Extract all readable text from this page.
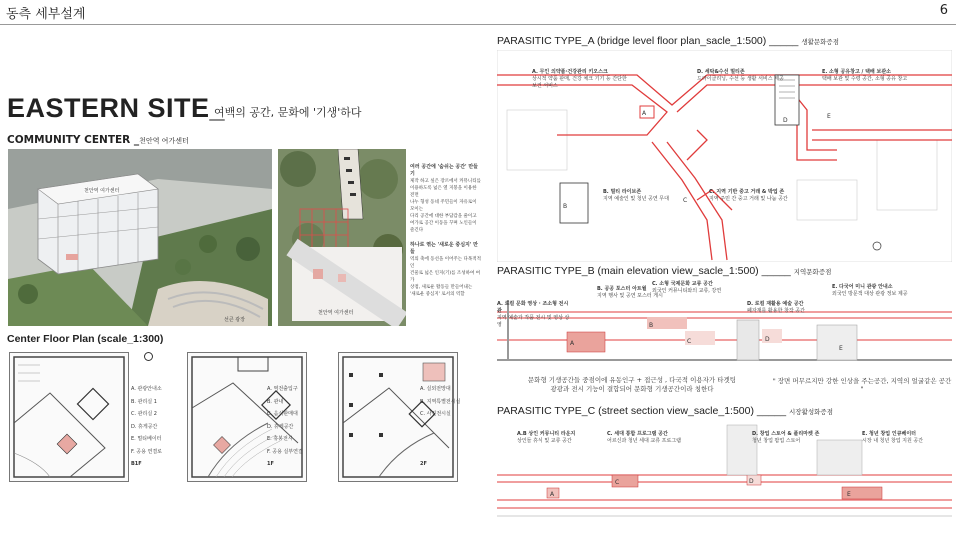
동측 세부설계	6
EASTERN SITE_
여백의 공간, 문화에 '기생'하다
COMMUNITY CENTER _천안역 여가센터
천안역 여가센터
선큰 광장
천안역 여가센터
여러 공간에 '숨쉬는 공간' 만들기
제작 하고 싶은 장르에서 커뮤니티를
이용하도록 넓은 열 지붕을 이용한 전면
나누 형성 동네 주민들이 자유로이 모이는
다리 공간에 대한 부담감을 줄이고
여가로 공간 이동을 꾸며 노인들이 즐긴다
하나로 엮는 '새로운 중심지' 만들
역의 축에 동선을 이어주는 다목적적인
건물로 넓은 인지(기)를 조성하여 여가
상점, 새로운 활동들 만들어내는
'새로운 중심지' 로서의 역할
Center Floor Plan (scale_1:300)
A. 관광안내소
B. 관리실 1
C. 관리실 2
D. 휴게공간
E. 멀티베이터
F. 공용 연결로
B1F
A. 역전출입구
B. 관내
C. 음식판매대
D. 휴게공간
E. 휴봉전시
F. 공용 실부연결
1F
A. 실외전망대
B. 지역특별전시실
C. 사진전시실
2F
PARASITIC TYPE_A (bridge level floor plan_sacle_1:500) _____ 생활문화증점
A
B
C
D
E
A. 무인 의약품·건강관리 키오스크
상시적 약품 판매, 건강 체크 기기 등 간단한 보건 서비스
D. 세탁&수선 멀티존
드라이클리닝, 수선 등 생활 서비스 제공
E. 소형 공유창고 / 택배 보관소
택배 보관 및 수령 공간, 소형 공유 창고
B. 멀티 라이브존
지역 예술인 및 청년 공연 무대
C. 지역 기반 중고 거래 & 박업 존
지역 주민 간 중고 거래 및 나눔 공간
PARASITIC TYPE_B (main elevation view_sacle_1:500) _____ 지역문화증점
A
B
C	D
E
A. 로컬 문화 영상 · 조소형 전시관
지역 예술가 작품 전시 및 영상 상영
B. 공공 포스터 아트월
지역 행사 및 공연 포스터 게시
C. 소형 국제문화 교류 공간
외국인 커뮤니티와의 교류, 강연
D. 로컬 재활용 예술 공간
폐자재를 활용한 창작 공간
E. 다국어 미니 관광 안내소
외국인 방문객 대상 관광 정보 제공
문화형 기생공간들 중점이에 유동인구 + 접근성 , 다국적 이용자가 타겟팅
광광과 전시 기능이 결합되어 문화형 기생공간이라 칭한다
" 장면 머무르지만 강한 인상을 주는공간, 지역의 얼굴같은 공간 "
PARASITIC TYPE_C (street section view_sacle_1:500) _____ 시장활성화증점
A
C	D
E
A.B 상인 커뮤니티 라운지
상인들 휴식 및 교류 공간
C. 세대 통합 프로그램 공간
어르신과 청년 세대 교류 프로그램
D. 창업 스토어 & 플리마켓 존
청년 창업 팝업 스토어
E. 청년 창업 인큐베이터
시장 내 청년 창업 지원 공간
